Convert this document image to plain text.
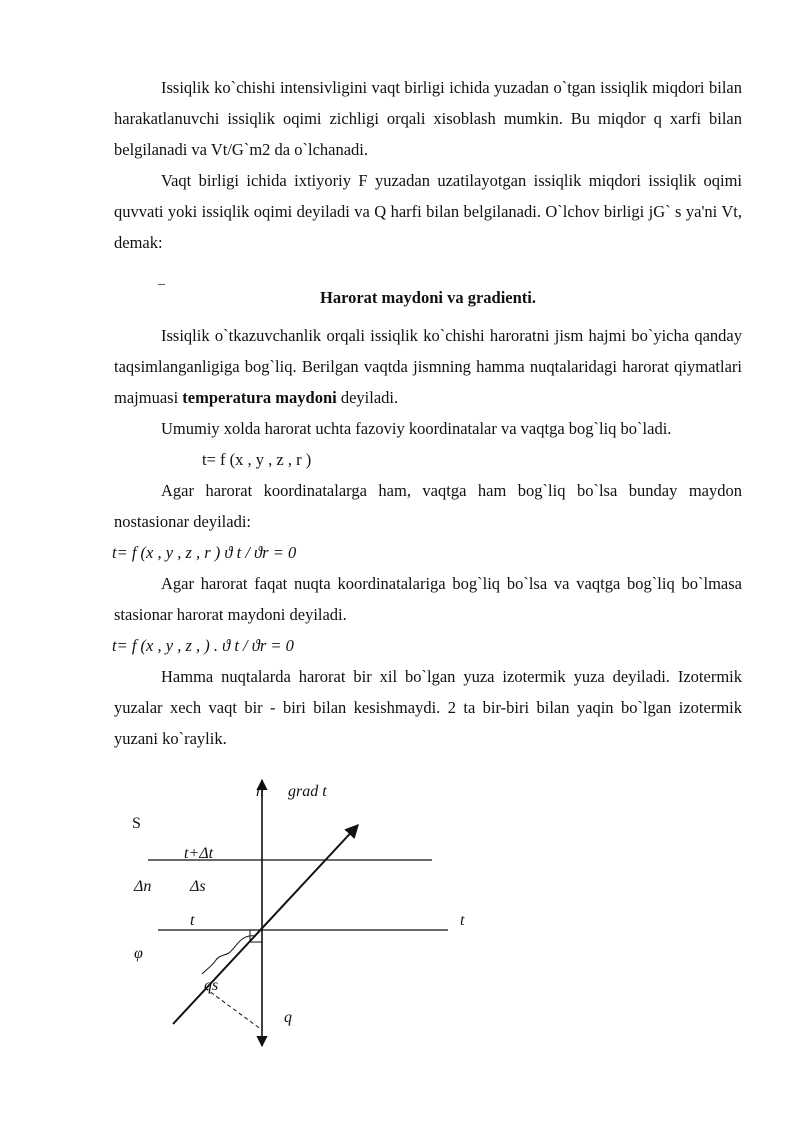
Issiqlik ko`chishi intensivligini vaqt birligi ichida yuzadan o`tgan issiqlik miqdori bilan harakatlanuvchi issiqlik oqimi zichligi orqali xisoblash mumkin. Bu miqdor q xarfi bilan belgilanadi va Vt/G`m2 da o`lchanadi.

Vaqt birligi ichida ixtiyoriy F yuzadan uzatilayotgan issiqlik miqdori issiqlik oqimi quvvati yoki issiqlik oqimi deyiladi va Q harfi bilan belgilanadi. O`lchov birligi jG` s ya'ni Vt, demak:

_
Harorat maydoni va gradienti.

Issiqlik o`tkazuvchanlik orqali issiqlik ko`chishi haroratni jism hajmi bo`yicha qanday taqsimlanganligiga bog`liq. Berilgan vaqtda jismning hamma nuqtalaridagi harorat qiymatlari majmuasi temperatura maydoni deyiladi.

Umumiy xolda harorat uchta fazoviy koordinatalar va vaqtga bog`liq bo`ladi.t= f (x , y , z , r )

Agar harorat koordinatalarga ham, vaqtga ham bog`liq bo`lsa bunday maydon nostasionar deyiladi:

t= f (x , y , z , r ) ϑ t / ϑr = 0

Agar harorat faqat nuqta koordinatalariga bog`liq bo`lsa va vaqtga bog`liq bo`lmasa stasionar harorat maydoni deyiladi.

t= f (x , y , z , ) . ϑ t / ϑr = 0

Hamma nuqtalarda harorat bir xil bo`lgan yuza izotermik yuza deyiladi. Izotermik yuzalar xech vaqt bir - biri bilan kesishmaydi. 2 ta bir-biri bilan yaqin bo`lgan izotermik yuzani ko`raylik.

n grad t
S
t+Δt
Δn Δs
t	t
φ
qs
q
